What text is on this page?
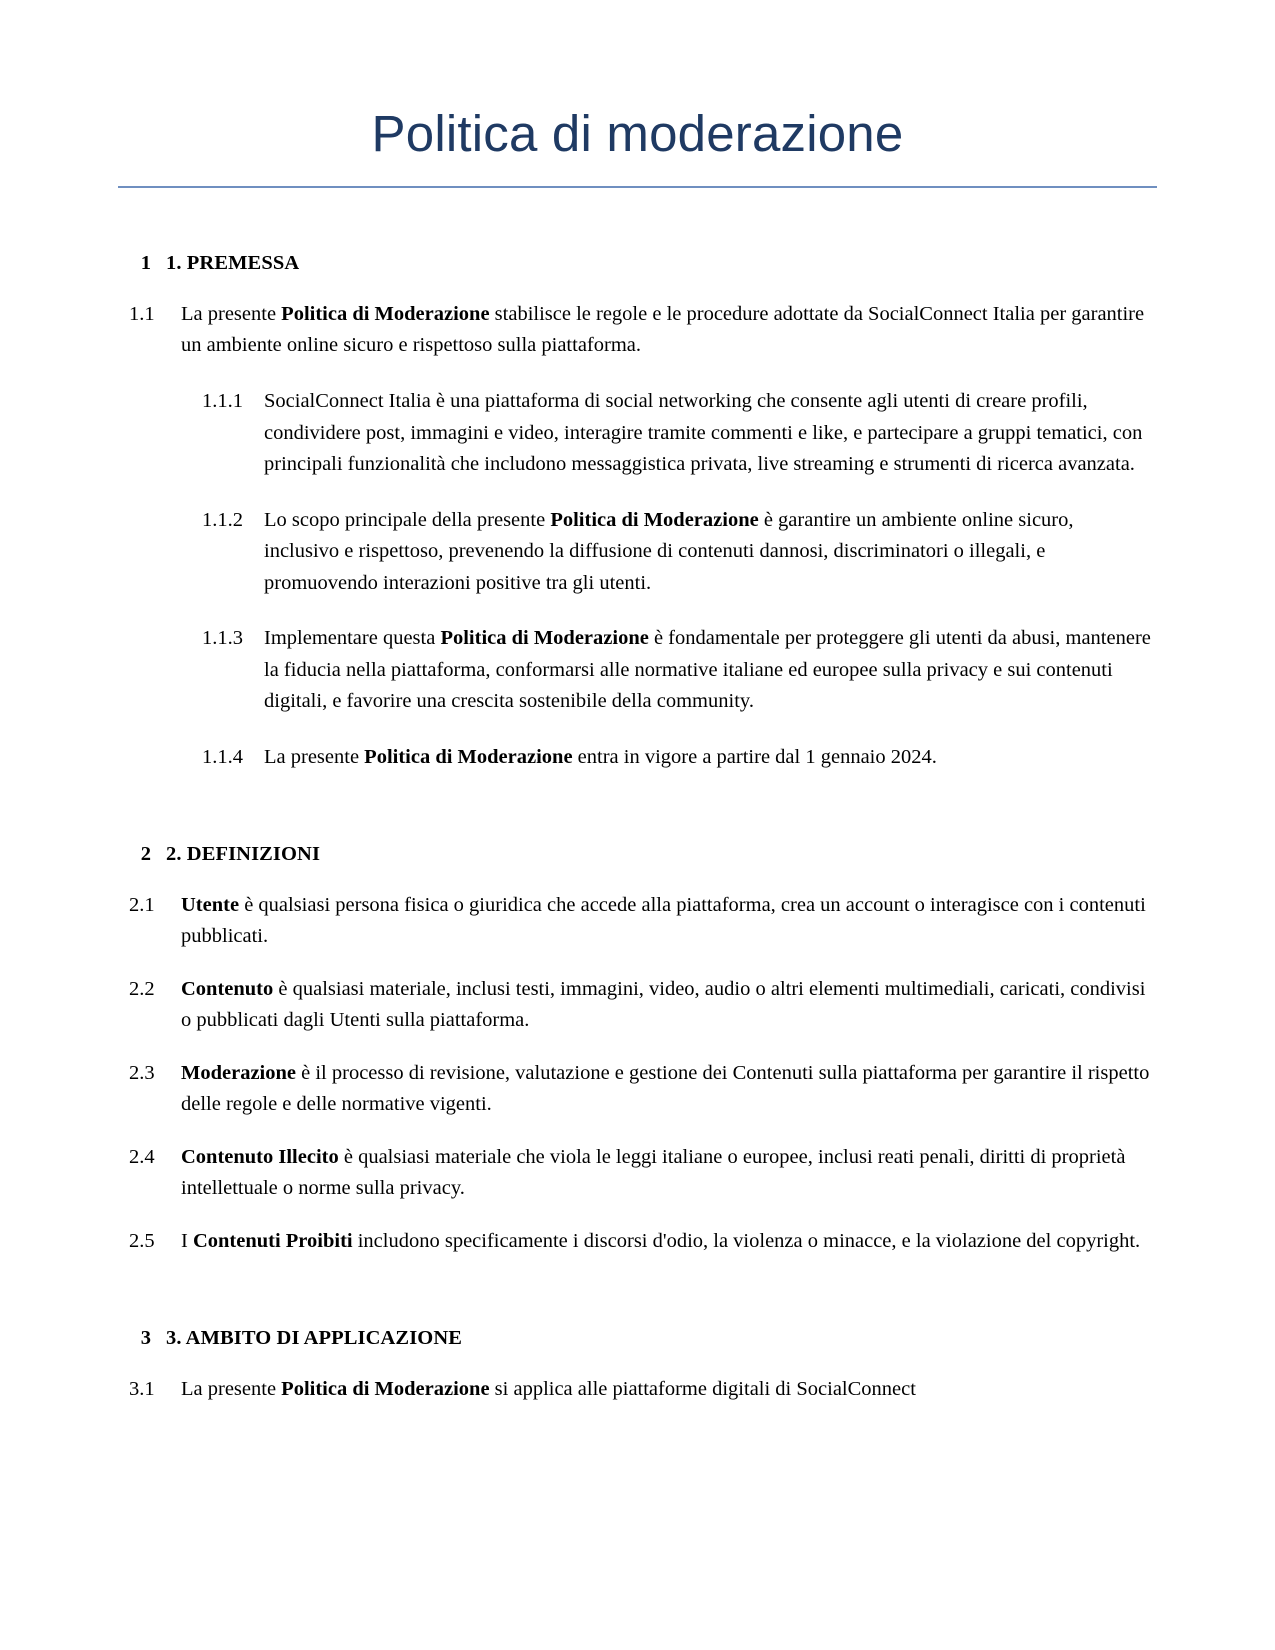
Politica di moderazione
1 1. PREMESSA
1.1	La presente Politica di Moderazione stabilisce le regole e le procedure adottate da SocialConnect Italia per garantire un ambiente online sicuro e rispettoso sulla piattaforma.
1.1.1	SocialConnect Italia è una piattaforma di social networking che consente agli utenti di creare profili, condividere post, immagini e video, interagire tramite commenti e like, e partecipare a gruppi tematici, con principali funzionalità che includono messaggistica privata, live streaming e strumenti di ricerca avanzata.
1.1.2	Lo scopo principale della presente Politica di Moderazione è garantire un ambiente online sicuro, inclusivo e rispettoso, prevenendo la diffusione di contenuti dannosi, discriminatori o illegali, e promuovendo interazioni positive tra gli utenti.
1.1.3	Implementare questa Politica di Moderazione è fondamentale per proteggere gli utenti da abusi, mantenere la fiducia nella piattaforma, conformarsi alle normative italiane ed europee sulla privacy e sui contenuti digitali, e favorire una crescita sostenibile della community.
1.1.4	La presente Politica di Moderazione entra in vigore a partire dal 1 gennaio 2024.
2 2. DEFINIZIONI
2.1	Utente è qualsiasi persona fisica o giuridica che accede alla piattaforma, crea un account o interagisce con i contenuti pubblicati.
2.2	Contenuto è qualsiasi materiale, inclusi testi, immagini, video, audio o altri elementi multimediali, caricati, condivisi o pubblicati dagli Utenti sulla piattaforma.
2.3	Moderazione è il processo di revisione, valutazione e gestione dei Contenuti sulla piattaforma per garantire il rispetto delle regole e delle normative vigenti.
2.4	Contenuto Illecito è qualsiasi materiale che viola le leggi italiane o europee, inclusi reati penali, diritti di proprietà intellettuale o norme sulla privacy.
2.5	I Contenuti Proibiti includono specificamente i discorsi d'odio, la violenza o minacce, e la violazione del copyright.
3 3. AMBITO DI APPLICAZIONE
3.1	La presente Politica di Moderazione si applica alle piattaforme digitali di SocialConnect
